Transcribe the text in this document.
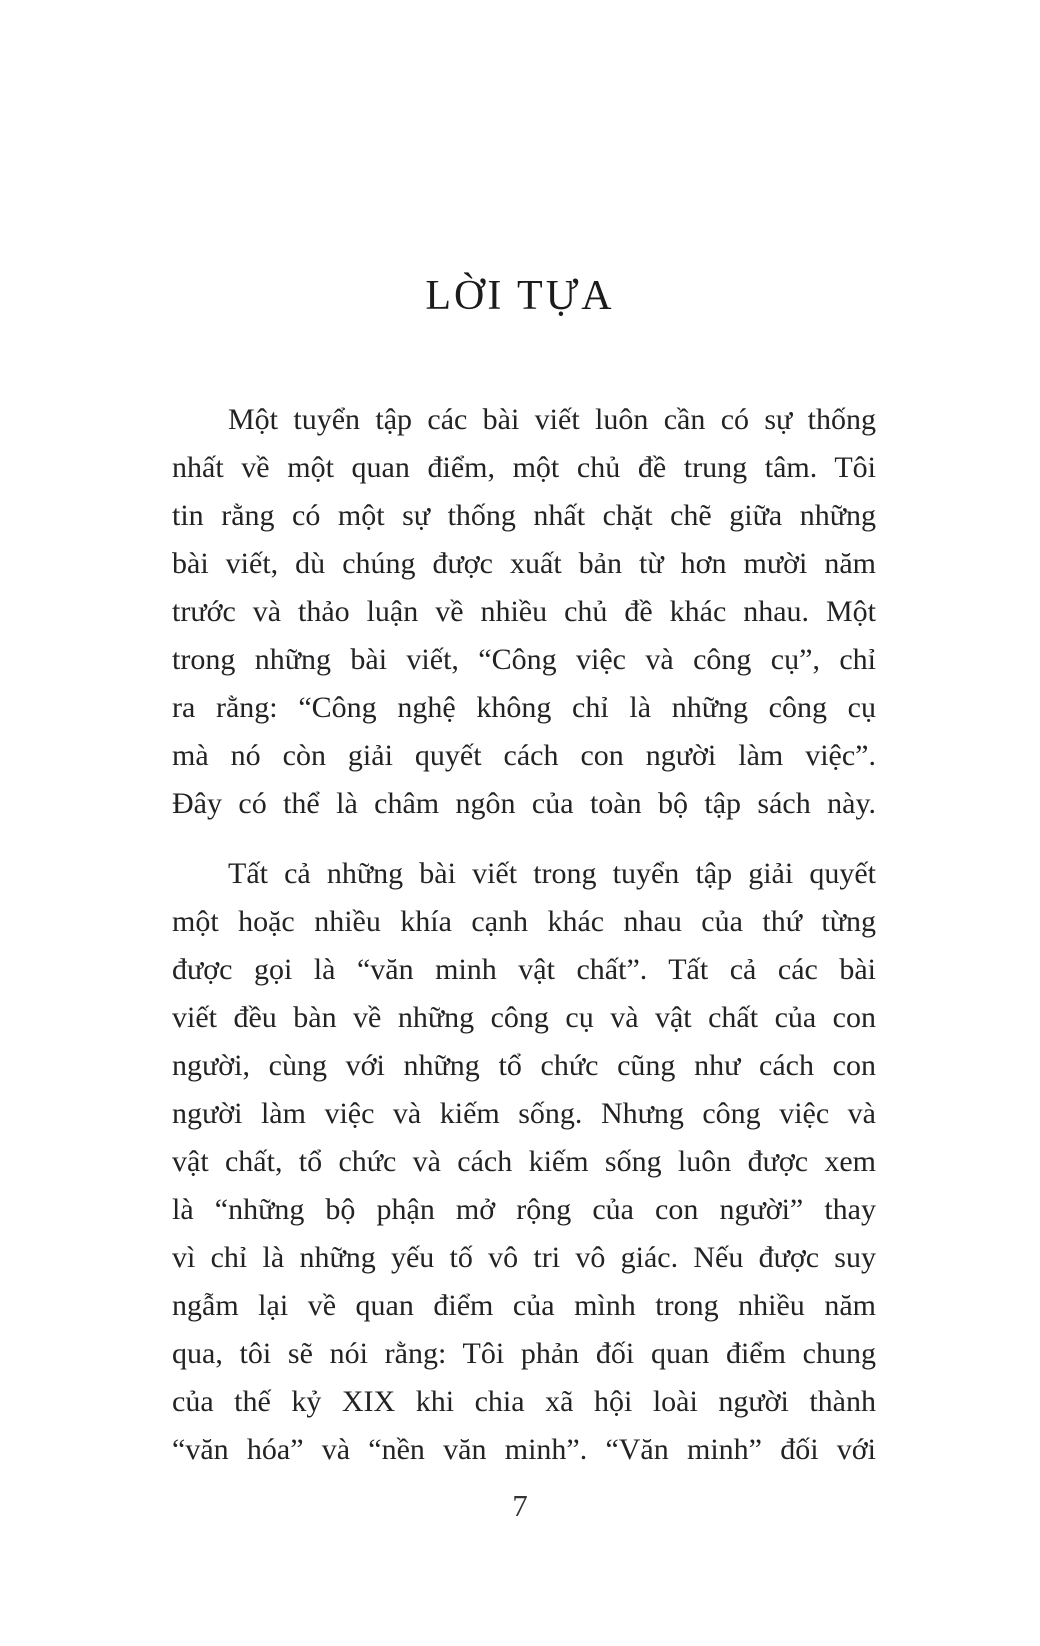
LỜI TỰA
Một tuyển tập các bài viết luôn cần có sự thống
nhất về một quan điểm, một chủ đề trung tâm. Tôi
tin rằng có một sự thống nhất chặt chẽ giữa những
bài viết, dù chúng được xuất bản từ hơn mười năm
trước và thảo luận về nhiều chủ đề khác nhau. Một
trong những bài viết, “Công việc và công cụ”, chỉ
ra rằng: “Công nghệ không chỉ là những công cụ
mà nó còn giải quyết cách con người làm việc”.
Đây có thể là châm ngôn của toàn bộ tập sách này.
Tất cả những bài viết trong tuyển tập giải quyết
một hoặc nhiều khía cạnh khác nhau của thứ từng
được gọi là “văn minh vật chất”. Tất cả các bài
viết đều bàn về những công cụ và vật chất của con
người, cùng với những tổ chức cũng như cách con
người làm việc và kiếm sống. Nhưng công việc và
vật chất, tổ chức và cách kiếm sống luôn được xem
là “những bộ phận mở rộng của con người” thay
vì chỉ là những yếu tố vô tri vô giác. Nếu được suy
ngẫm lại về quan điểm của mình trong nhiều năm
qua, tôi sẽ nói rằng: Tôi phản đối quan điểm chung
của thế kỷ XIX khi chia xã hội loài người thành
“văn hóa” và “nền văn minh”. “Văn minh” đối với
7
